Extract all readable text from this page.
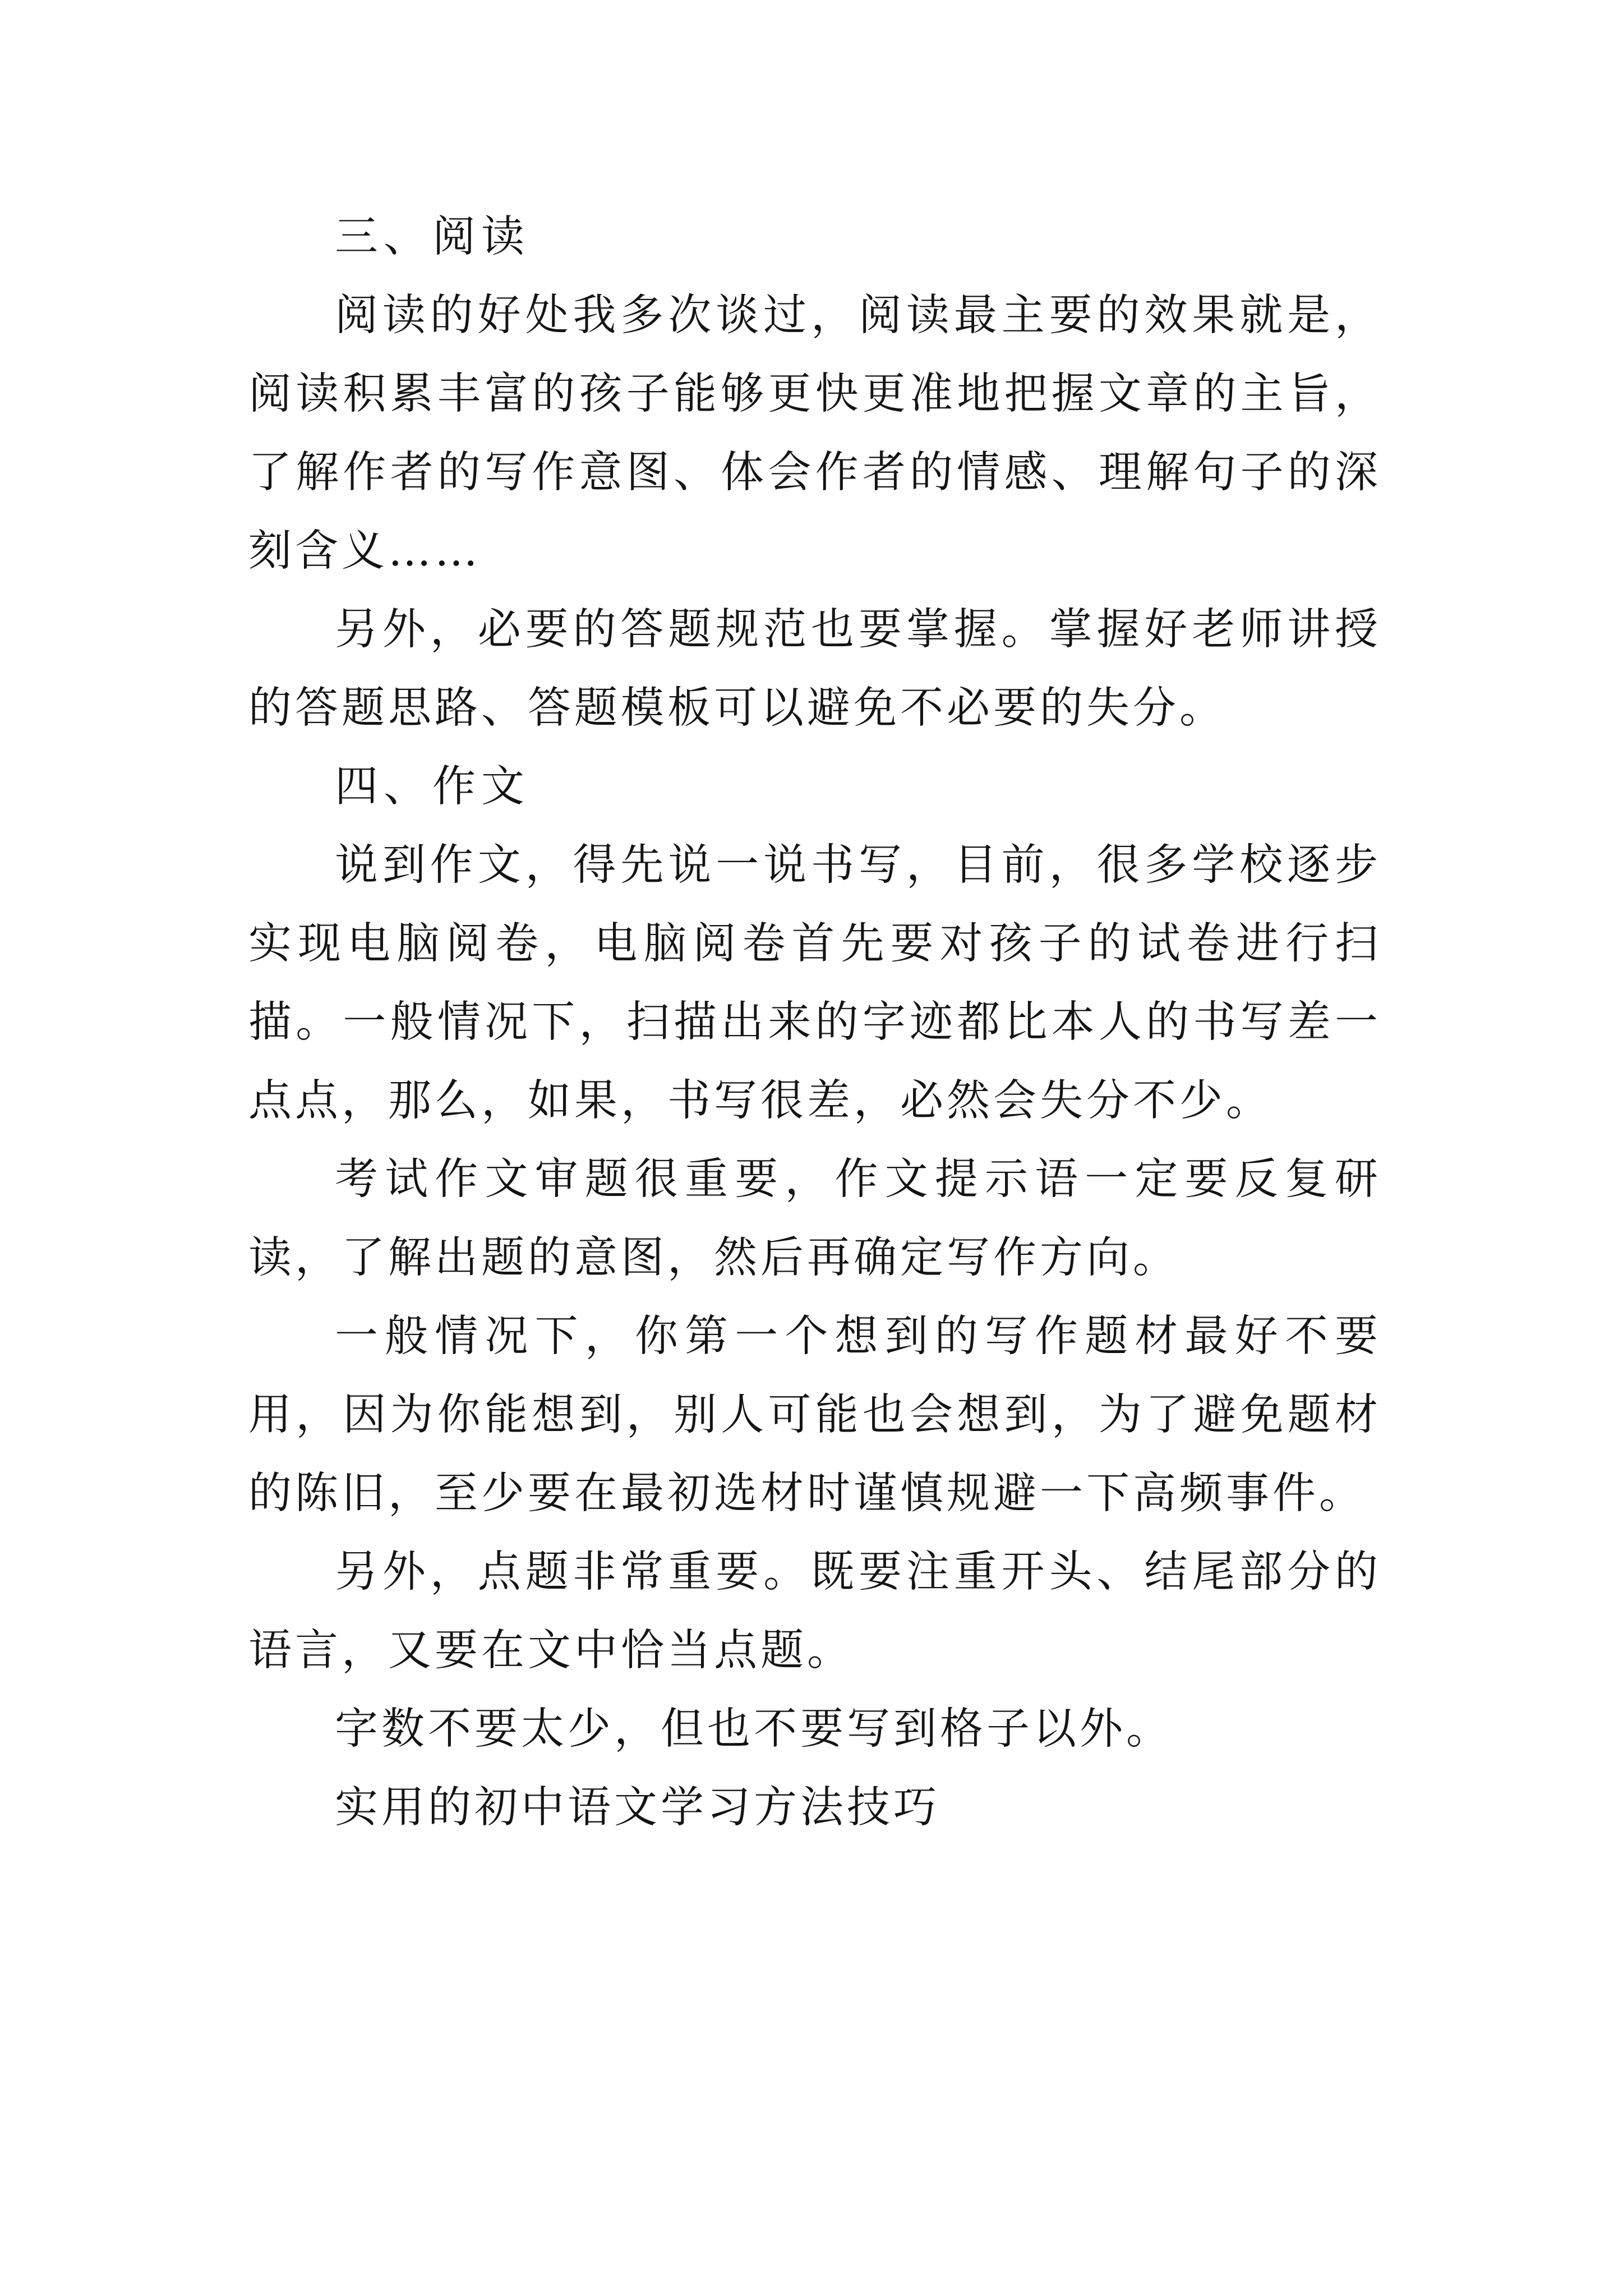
三、阅读

阅读的好处我多次谈过，阅读最主要的效果就是，阅读积累丰富的孩子能够更快更准地把握文章的主旨，了解作者的写作意图、体会作者的情感、理解句子的深刻含义……

另外，必要的答题规范也要掌握。掌握好老师讲授的答题思路、答题模板可以避免不必要的失分。

四、作文

说到作文，得先说一说书写，目前，很多学校逐步实现电脑阅卷，电脑阅卷首先要对孩子的试卷进行扫描。一般情况下，扫描出来的字迹都比本人的书写差一点点，那么，如果，书写很差，必然会失分不少。

考试作文审题很重要，作文提示语一定要反复研读，了解出题的意图，然后再确定写作方向。

一般情况下，你第一个想到的写作题材最好不要用，因为你能想到，别人可能也会想到，为了避免题材的陈旧，至少要在最初选材时谨慎规避一下高频事件。

另外，点题非常重要。既要注重开头、结尾部分的语言，又要在文中恰当点题。

字数不要太少，但也不要写到格子以外。

实用的初中语文学习方法技巧
